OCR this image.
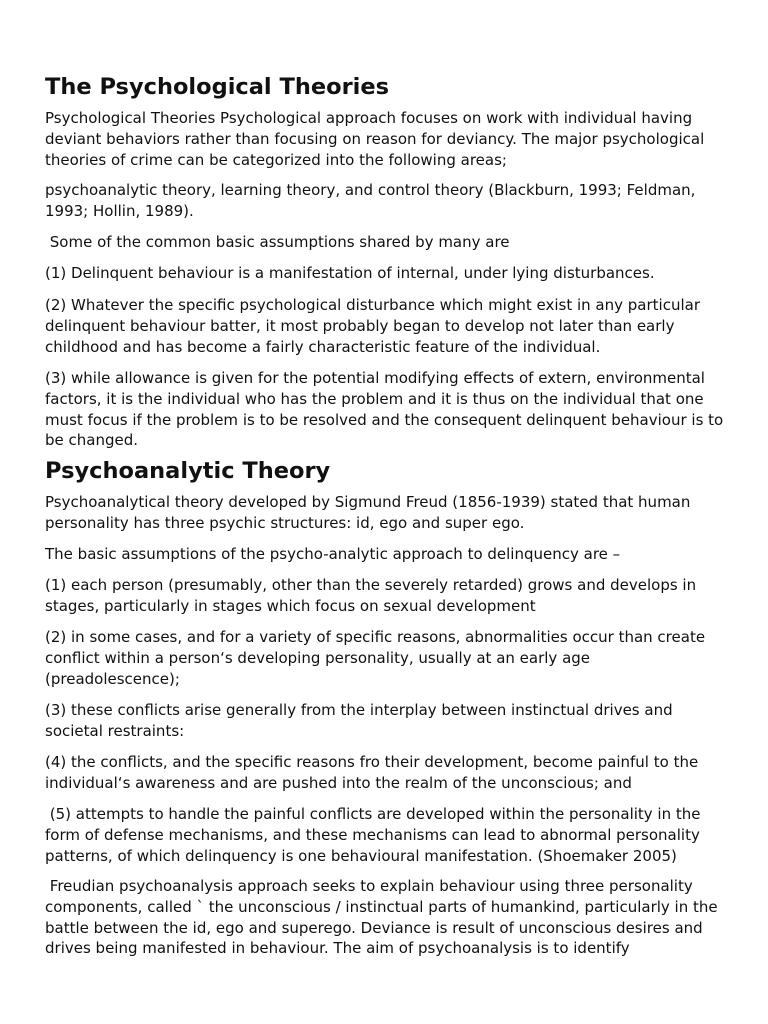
The Psychological Theories

Psychological Theories Psychological approach focuses on work with individual having deviant behaviors rather than focusing on reason for deviancy. The major psychological theories of crime can be categorized into the following areas;

psychoanalytic theory, learning theory, and control theory (Blackburn, 1993; Feldman, 1993; Hollin, 1989).

Some of the common basic assumptions shared by many are

(1) Delinquent behaviour is a manifestation of internal, under lying disturbances.

(2) Whatever the specific psychological disturbance which might exist in any particular delinquent behaviour batter, it most probably began to develop not later than early childhood and has become a fairly characteristic feature of the individual.

(3) while allowance is given for the potential modifying effects of extern, environmental factors, it is the individual who has the problem and it is thus on the individual that one must focus if the problem is to be resolved and the consequent delinquent behaviour is to be changed.

Psychoanalytic Theory

Psychoanalytical theory developed by Sigmund Freud (1856-1939) stated that human personality has three psychic structures: id, ego and super ego.

The basic assumptions of the psycho-analytic approach to delinquency are –

(1) each person (presumably, other than the severely retarded) grows and develops in stages, particularly in stages which focus on sexual development

(2) in some cases, and for a variety of specific reasons, abnormalities occur than create conflict within a person‘s developing personality, usually at an early age (preadolescence);

(3) these conflicts arise generally from the interplay between instinctual drives and societal restraints:

(4) the conflicts, and the specific reasons fro their development, become painful to the individual‘s awareness and are pushed into the realm of the unconscious; and

(5) attempts to handle the painful conflicts are developed within the personality in the form of defense mechanisms, and these mechanisms can lead to abnormal personality patterns, of which delinquency is one behavioural manifestation. (Shoemaker 2005)

Freudian psychoanalysis approach seeks to explain behaviour using three personality components, called ` the unconscious / instinctual parts of humankind, particularly in the battle between the id, ego and superego. Deviance is result of unconscious desires and drives being manifested in behaviour. The aim of psychoanalysis is to identify
